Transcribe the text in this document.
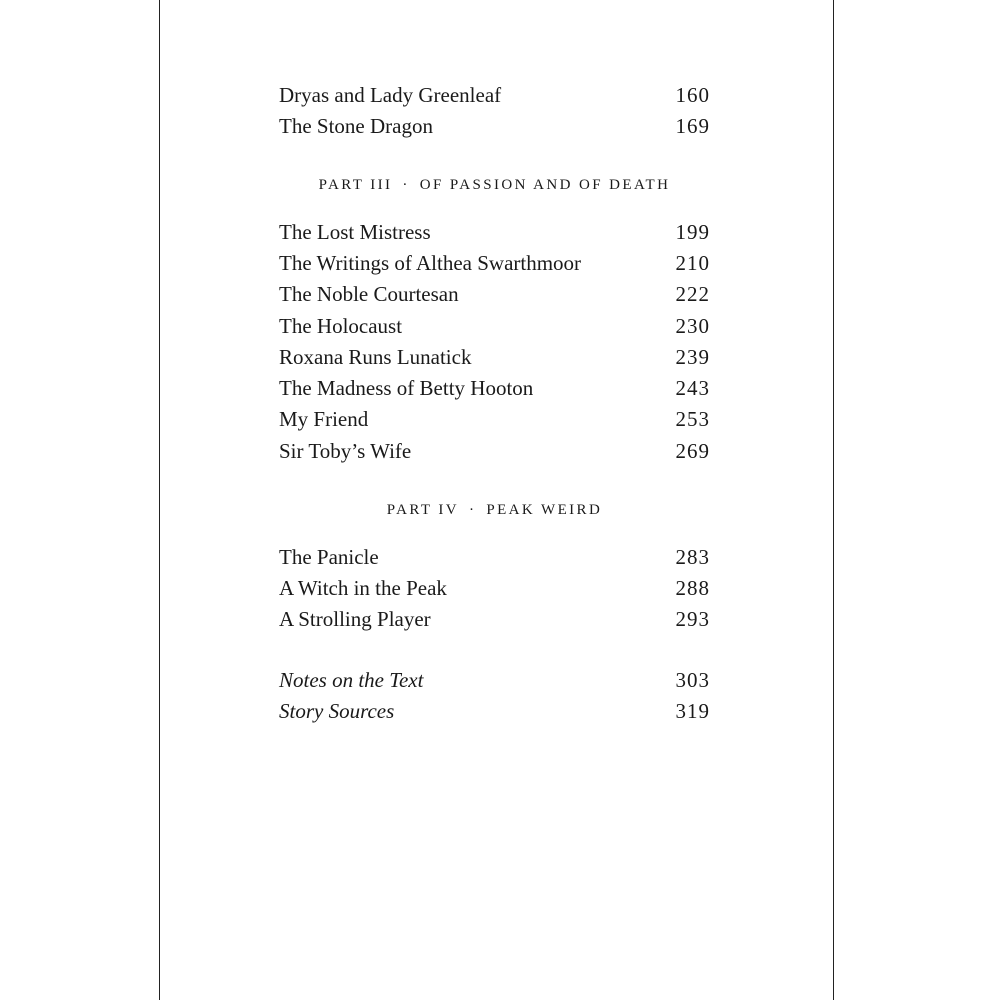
Dryas and Lady Greenleaf	160
The Stone Dragon	169
PART III · OF PASSION AND OF DEATH
The Lost Mistress	199
The Writings of Althea Swarthmoor	210
The Noble Courtesan	222
The Holocaust	230
Roxana Runs Lunatick	239
The Madness of Betty Hooton	243
My Friend	253
Sir Toby’s Wife	269
PART IV · PEAK WEIRD
The Panicle	283
A Witch in the Peak	288
A Strolling Player	293
Notes on the Text	303
Story Sources	319
